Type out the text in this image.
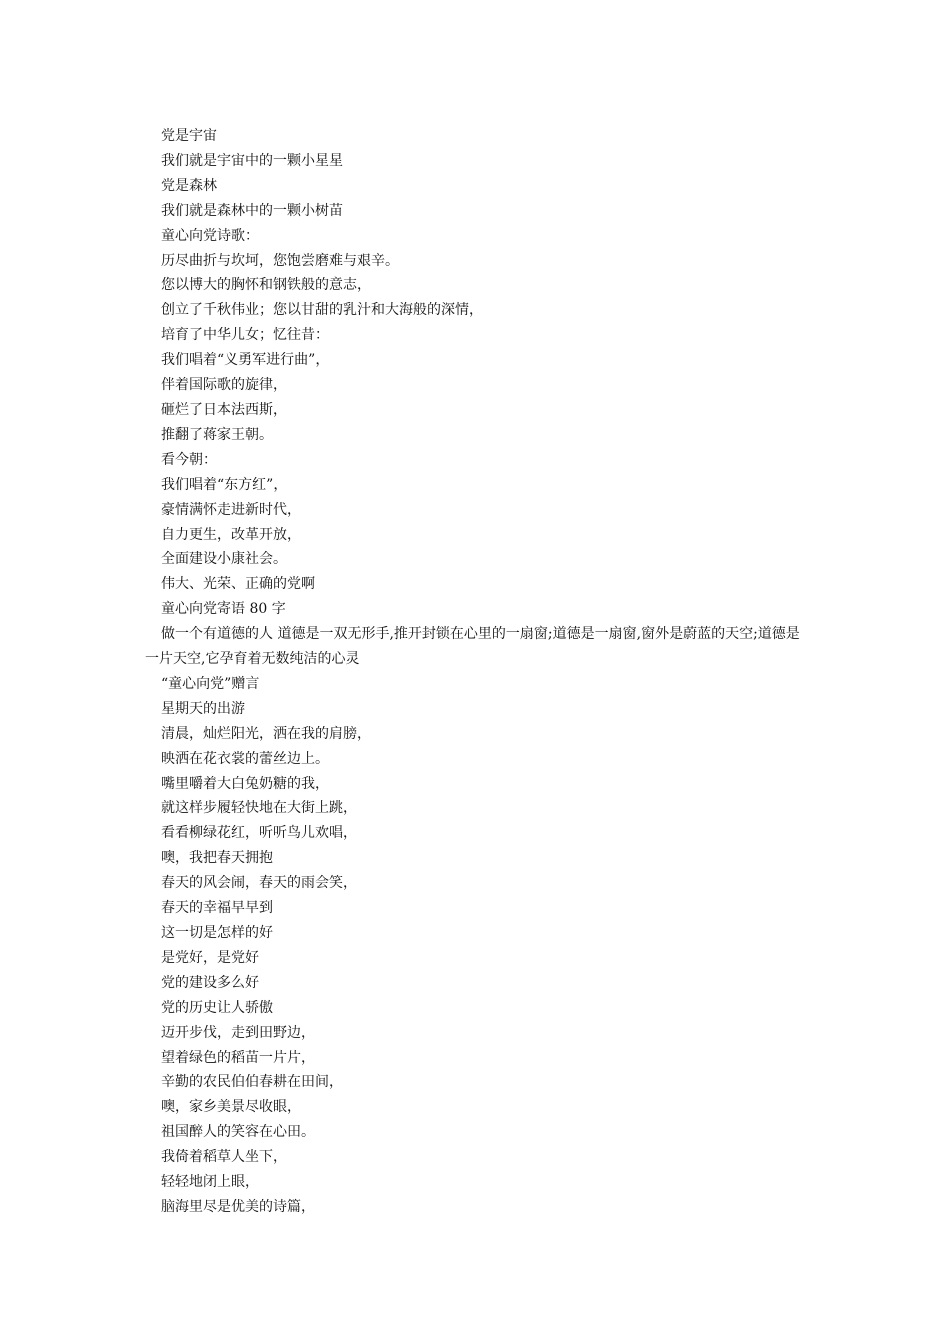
党是宇宙
我们就是宇宙中的一颗小星星
党是森林
我们就是森林中的一颗小树苗
童心向党诗歌：
历尽曲折与坎坷，您饱尝磨难与艰辛。
您以博大的胸怀和钢铁般的意志，
创立了千秋伟业；您以甘甜的乳汁和大海般的深情，
培育了中华儿女；忆往昔：
我们唱着“义勇军进行曲”，
伴着国际歌的旋律，
砸烂了日本法西斯，
推翻了蒋家王朝。
看今朝：
我们唱着“东方红”，
豪情满怀走进新时代，
自力更生，改革开放，
全面建设小康社会。
伟大、光荣、正确的党啊
童心向党寄语 80 字

做一个有道德的人 道德是一双无形手,推开封锁在心里的一扇窗;道德是一扇窗,窗外是蔚蓝的天空;道德是一片天空,它孕育着无数纯洁的心灵

“童心向党”赠言
星期天的出游
清晨，灿烂阳光，洒在我的肩膀，
映洒在花衣裳的蕾丝边上。
嘴里嚼着大白兔奶糖的我，
就这样步履轻快地在大街上跳，
看看柳绿花红，听听鸟儿欢唱，
噢，我把春天拥抱
春天的风会闹，春天的雨会笑，
春天的幸福早早到
这一切是怎样的好
是党好，是党好
党的建设多么好
党的历史让人骄傲
迈开步伐，走到田野边，
望着绿色的稻苗一片片，
辛勤的农民伯伯春耕在田间，
噢，家乡美景尽收眼，
祖国醉人的笑容在心田。
我倚着稻草人坐下，
轻轻地闭上眼，
脑海里尽是优美的诗篇，
